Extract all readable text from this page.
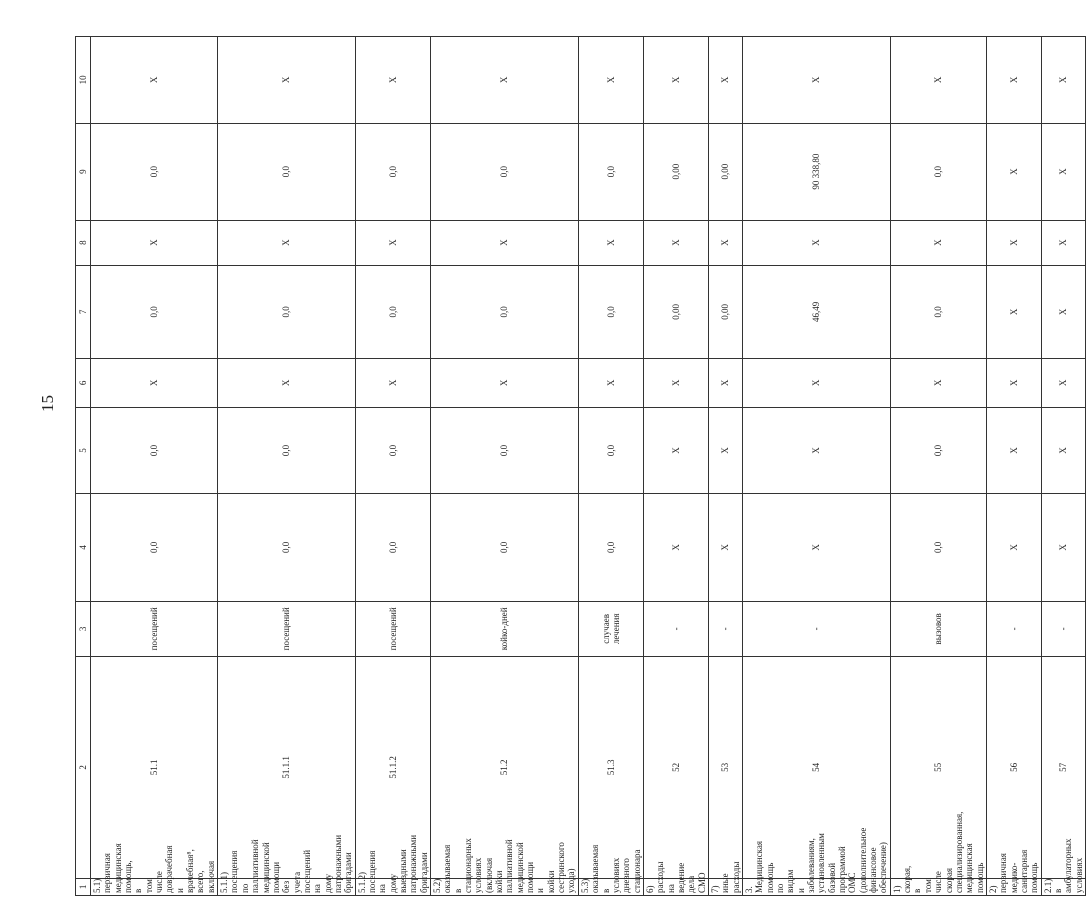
15
1	2	3	4	5	6	7	8	9	10
5.1) первичная медицинская помощь, в том числе доврачебная и врачебная⁸, всего, включая	51.1	посещений	0,0	0,0	X	0,0	X	0,0	X
5.1.1) посещения по паллиативной медицинской помощи без учета посещений на дому патронажными бригадами	51.1.1	посещений	0,0	0,0	X	0,0	X	0,0	X
5.1.2) посещения на дому выездными патронажными бригадами	51.1.2	посещений	0,0	0,0	X	0,0	X	0,0	X
5.2) оказываемая в стационарных условиях (включая койки паллиативной медицинской помощи и койки сестринского ухода)	51.2	койко-дней	0,0	0,0	X	0,0	X	0,0	X
5.3) оказываемая в условиях дневного стационара	51.3	случаев лечения	0,0	0,0	X	0,0	X	0,0	X
6) расходы на ведение дела СМО	52	-	X	X	X	0,00	X	0,00	X
7) иные расходы	53	-	X	X	X	0,00	X	0,00	X
3. Медицинская помощь по видам и заболеваниям, установленным базовой программой ОМС (дополнительное финансовое обеспечение)	54	-	X	X	X	46,49	X	90 338,80	X
1) скорая, в том числе скорая специализированная, медицинская помощь	55	вызовов	0,0	0,0	X	0,0	X	0,0	X
2) первичная медико-санитарная помощь	56	-	X	X	X	X	X	X	X
2.1) в амбулаторных условиях	57	-	X	X	X	X	X	X	X
